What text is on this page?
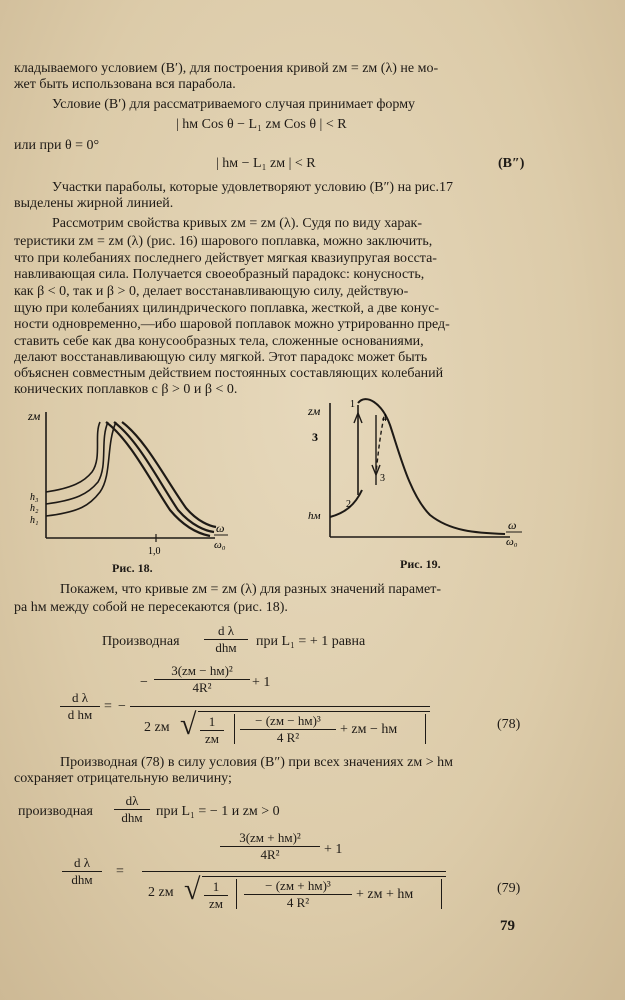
кладываемого условием (B′), для построения кривой zм = zм (λ) не мо-
жет быть использована вся парабола.
Условие (B′) для рассматриваемого случая принимает форму
| hм Cos θ − L₁ zм Cos θ | < R
или при θ = 0°
| hм − L₁ zм | < R	(B″)
Участки параболы, которые удовлетворяют условию (B″) на рис.17
выделены жирной линией.
Рассмотрим свойства кривых zм = zм (λ). Судя по виду харак-
теристики zм = zм (λ) (рис. 16) шарового поплавка, можно заключить,
что при колебаниях последнего действует мягкая квазиупругая восста-
навливающая сила. Получается своеобразный парадокс: конусность,
как β < 0, так и β > 0, делает восстанавливающую силу, действую-
щую при колебаниях цилиндрического поплавка, жесткой, а две конус-
ности одновременно,—ибо шаровой поплавок можно утрированно пред-
ставить себе как два конусообразных тела, сложенные основаниями,
делают восстанавливающую силу мягкой. Этот парадокс может быть
объяснен совместным действием постоянных составляющих колебаний
конических поплавков с β > 0 и β < 0.
zм
h₃
h₂
h₁
1,0
ω
ω₀
Рис. 18.
zм
3
hм
1
2
3
4
ω
ω₀
Рис. 19.
Покажем, что кривые zм = zм (λ) для разных значений парамет-
ра hм между собой не пересекаются (рис. 18).
Производная
d λ
dhм	при L₁ = + 1 равна
d λ
d hм
= −
−
3(zм − hм)²
4R²	+ 1
2 zм √ 1
zм
− (zм − hм)³
4 R²
+ zм − hм	(78)
Производная (78) в силу условия (B″) при всех значениях zм > hм
сохраняет отрицательную величину;
производная
dλ
dhм при L₁ = − 1 и zм > 0
d λ
dhм
=
3(zм + hм)²
4R²	+ 1
2 zм √ 1
zм
− (zм + hм)³
4 R²
+ zм + hм	(79)
79
